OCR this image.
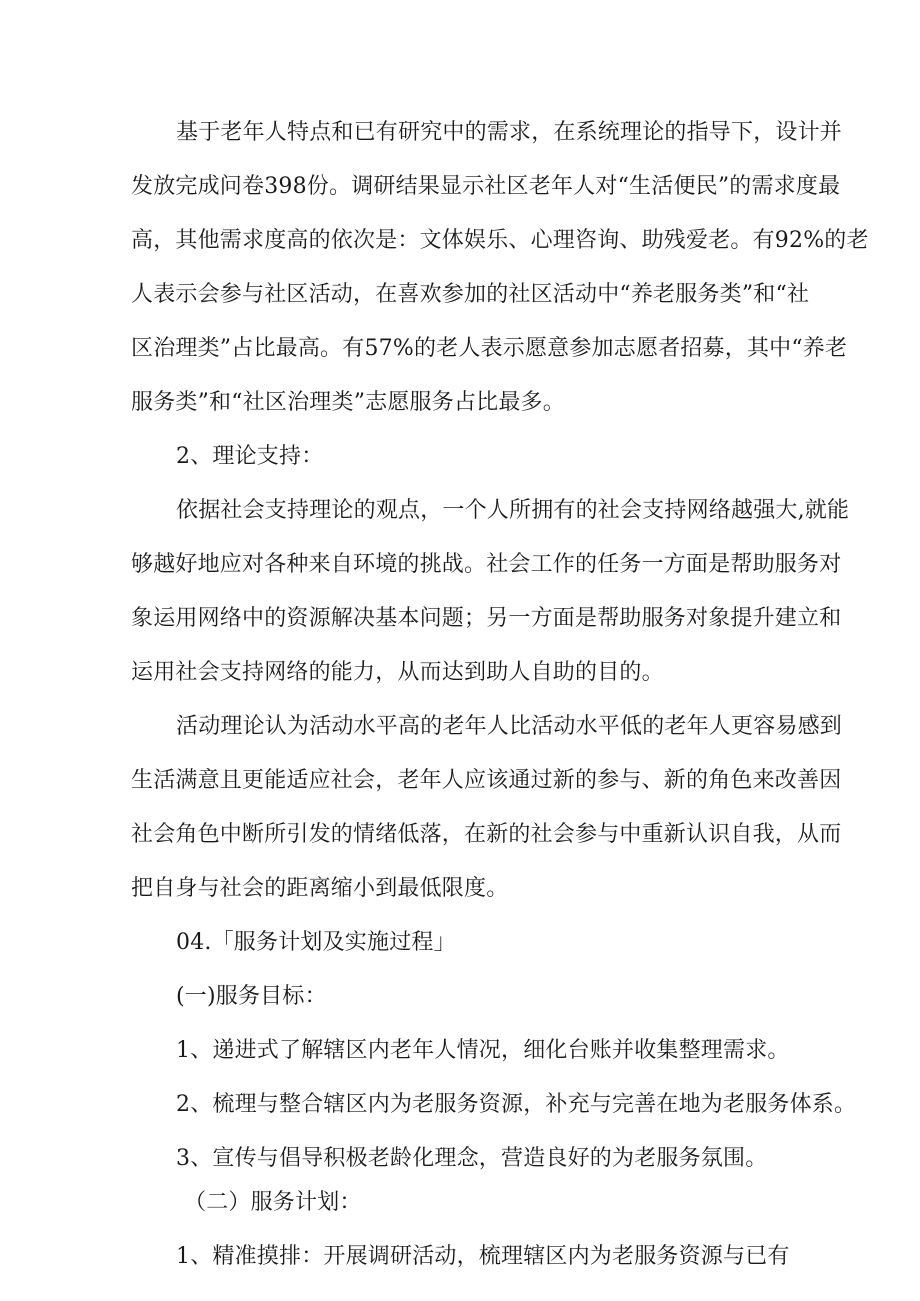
基于老年人特点和已有研究中的需求，在系统理论的指导下，设计并
发放完成问卷398份。调研结果显示社区老年人对“生活便民”的需求度最
高，其他需求度高的依次是：文体娱乐、心理咨询、助残爱老。有92%的老
人表示会参与社区活动，在喜欢参加的社区活动中“养老服务类”和“社
区治理类”占比最高。有57%的老人表示愿意参加志愿者招募，其中“养老
服务类”和“社区治理类”志愿服务占比最多。
2、理论支持：
依据社会支持理论的观点，一个人所拥有的社会支持网络越强大,就能
够越好地应对各种来自环境的挑战。社会工作的任务一方面是帮助服务对
象运用网络中的资源解决基本问题；另一方面是帮助服务对象提升建立和
运用社会支持网络的能力，从而达到助人自助的目的。
活动理论认为活动水平高的老年人比活动水平低的老年人更容易感到
生活满意且更能适应社会，老年人应该通过新的参与、新的角色来改善因
社会角色中断所引发的情绪低落，在新的社会参与中重新认识自我，从而
把自身与社会的距离缩小到最低限度。
04.「服务计划及实施过程」
(一)服务目标：
1、递进式了解辖区内老年人情况，细化台账并收集整理需求。
2、梳理与整合辖区内为老服务资源，补充与完善在地为老服务体系。
3、宣传与倡导积极老龄化理念，营造良好的为老服务氛围。
（二）服务计划：
1、精准摸排：开展调研活动，梳理辖区内为老服务资源与已有
